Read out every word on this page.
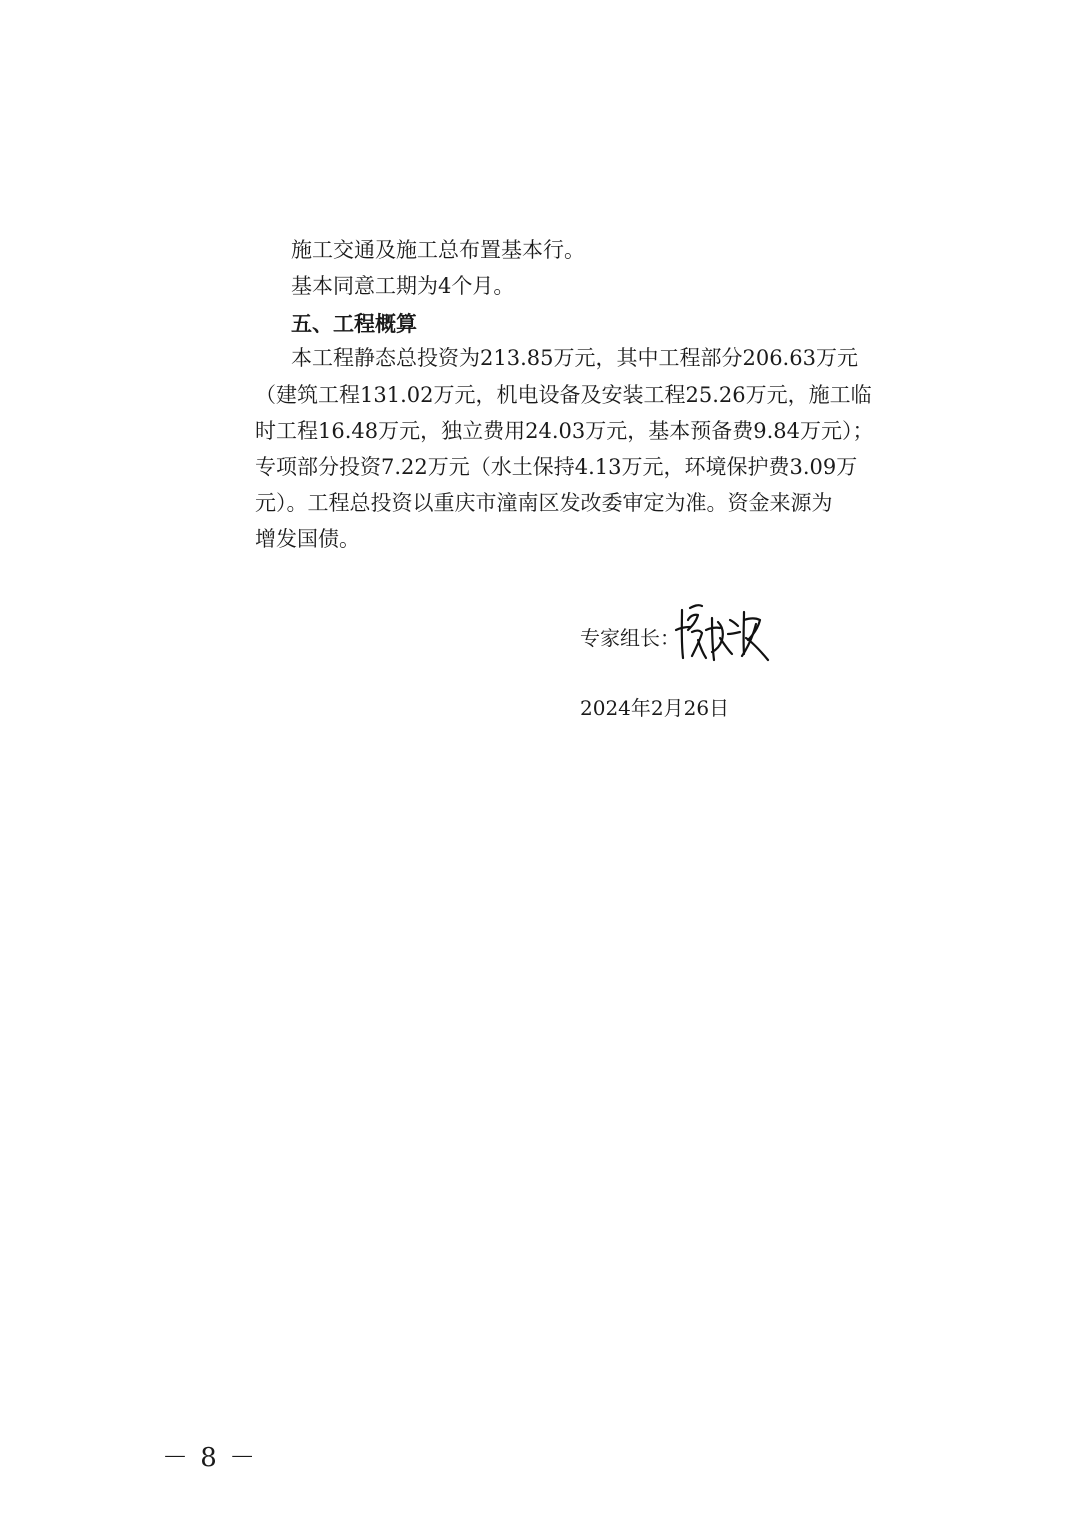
施工交通及施工总布置基本行。
基本同意工期为4个月。
五、工程概算
本工程静态总投资为213.85万元，其中工程部分206.63万元
（建筑工程131.02万元，机电设备及安装工程25.26万元，施工临
时工程16.48万元，独立费用24.03万元，基本预备费9.84万元）；
专项部分投资7.22万元（水土保持4.13万元，环境保护费3.09万
元）。工程总投资以重庆市潼南区发改委审定为准。资金来源为
增发国债。
专家组长：
2024年2月26日
－ 8 －
